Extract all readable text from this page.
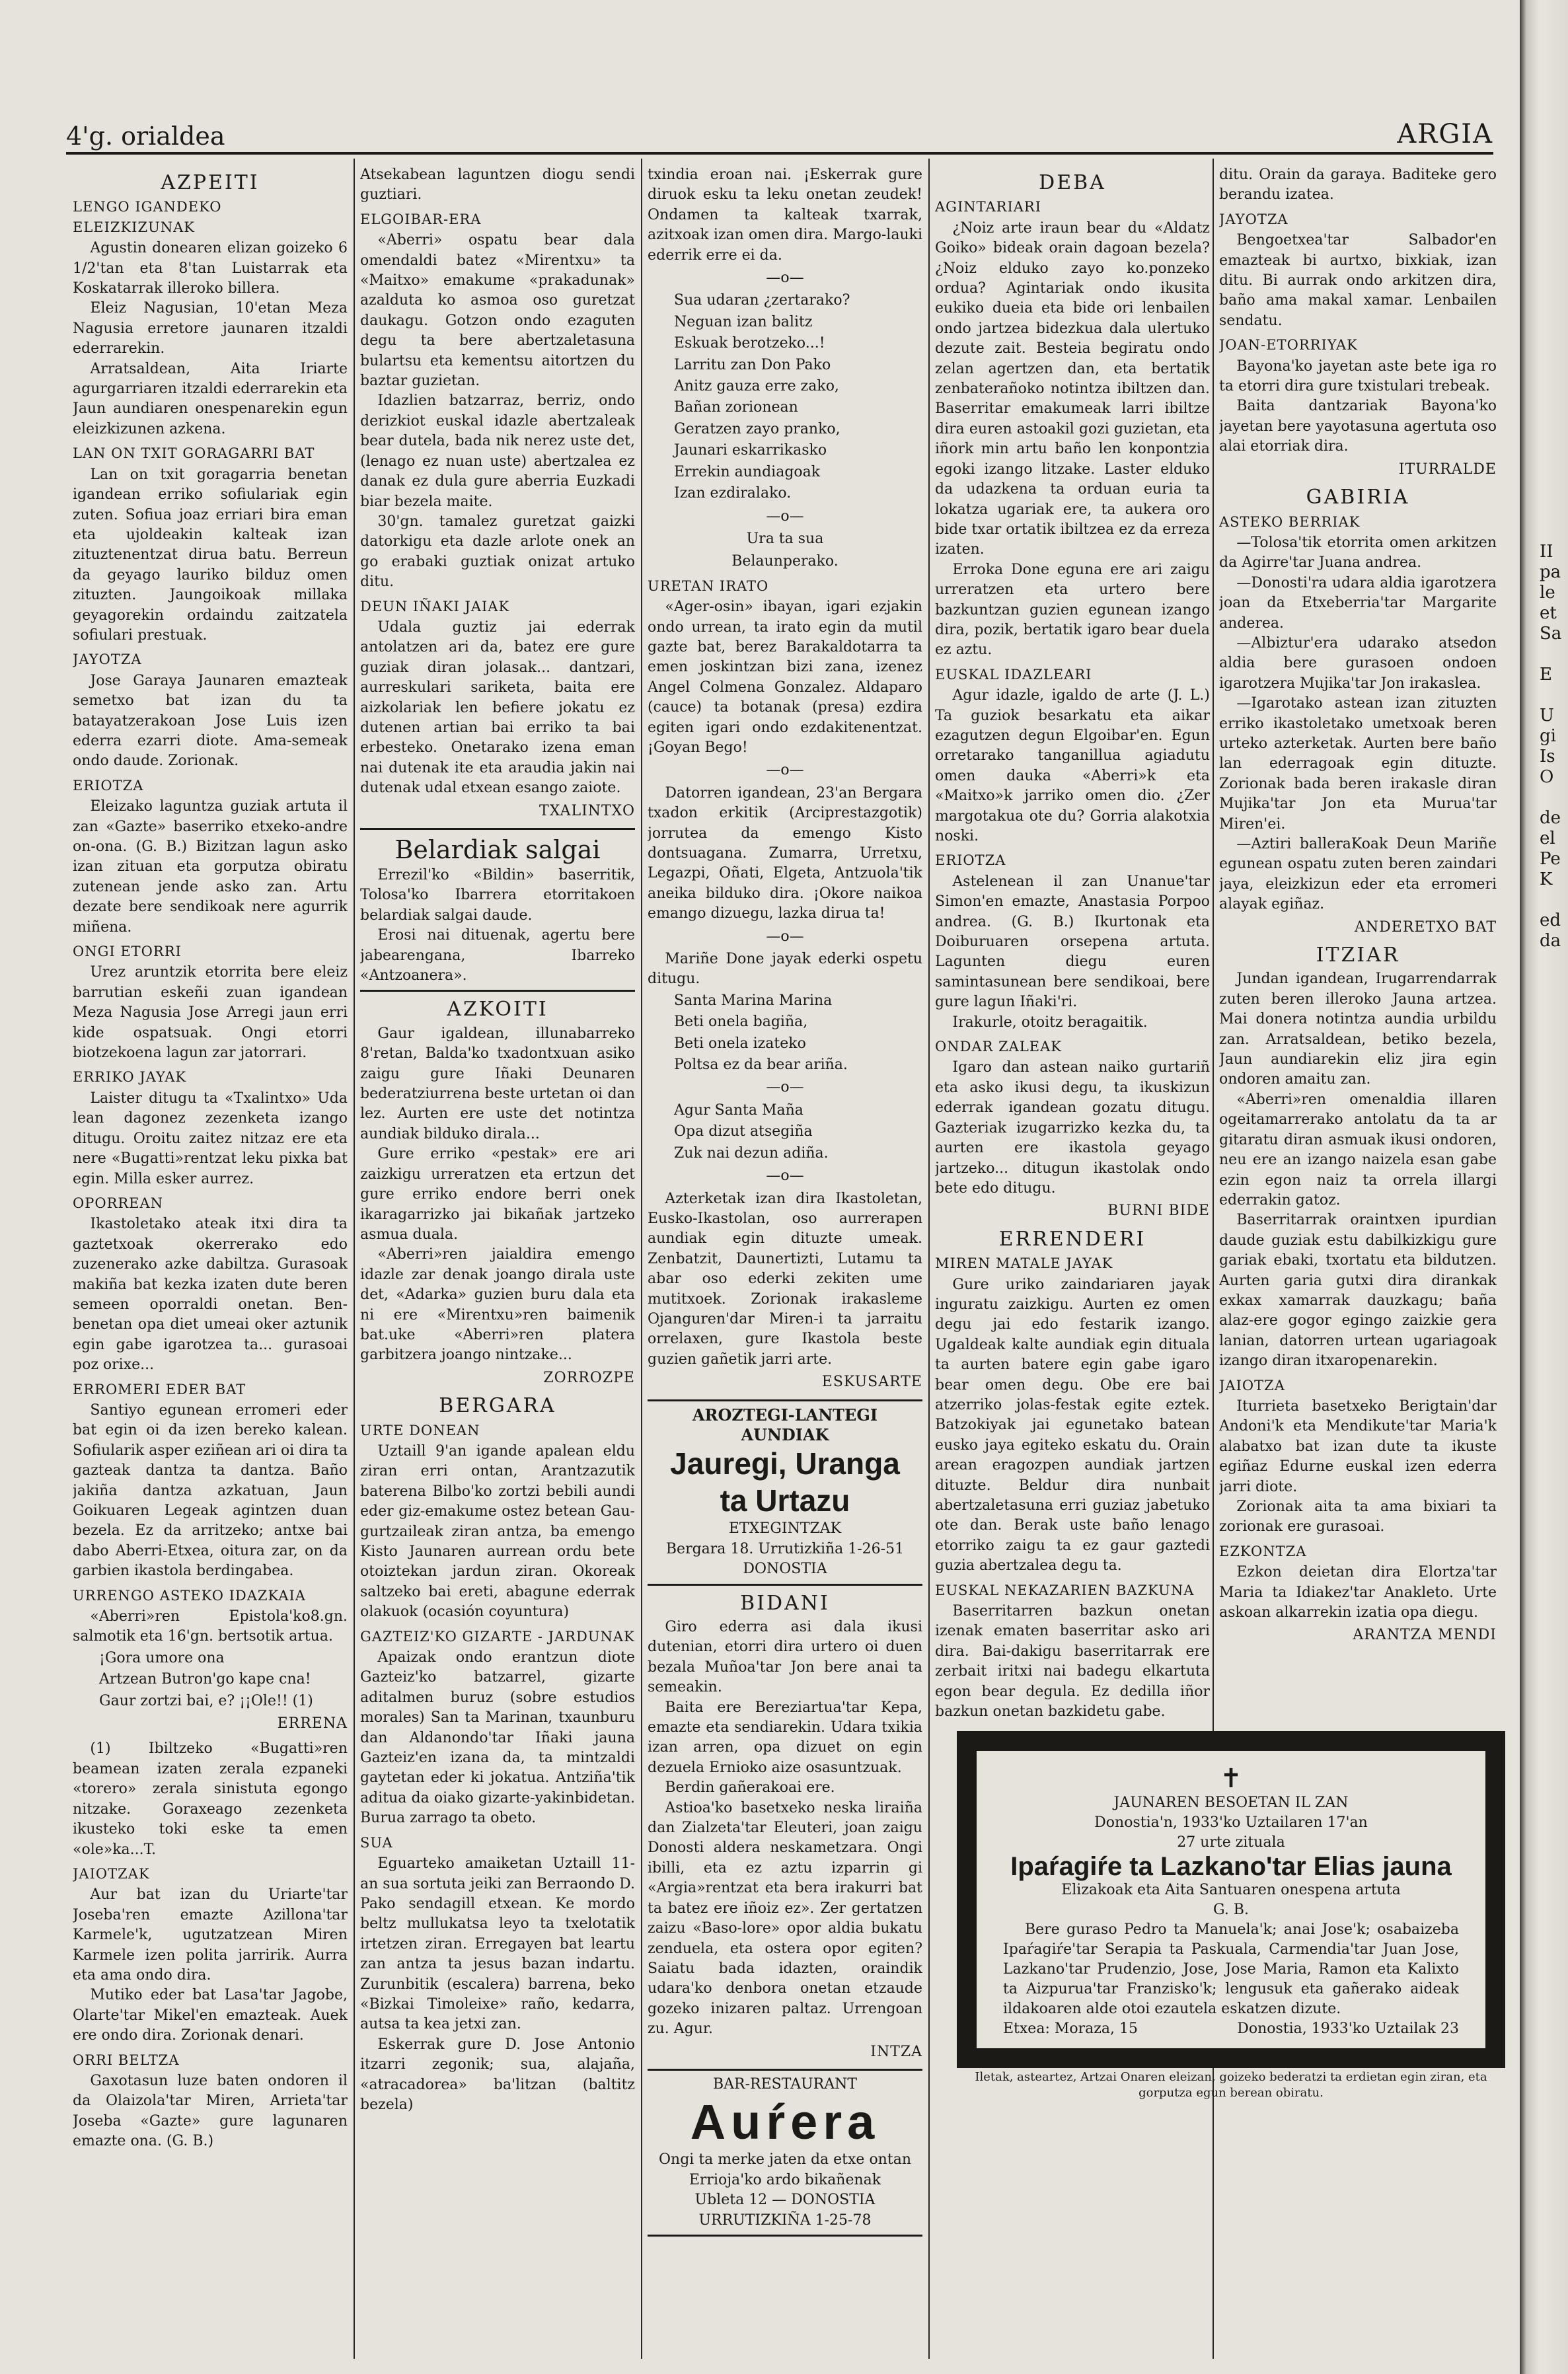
4'g. orialdea	ARGIA
AZPEITI
LENGO IGANDEKO ELEIZKIZUNAK

Agustin donearen elizan goizeko 6 1/2'tan eta 8'tan Luistarrak eta Koskatarrak illeroko billera.

Eleiz Nagusian, 10'etan Meza Nagusia erretore jaunaren itzaldi ederrarekin.

Arratsaldean, Aita Iriarte agurgarriaren itzaldi ederrarekin eta Jaun aundiaren onespenarekin egun eleizkizunen azkena.

LAN ON TXIT GORAGARRI BAT

Lan on txit goragarria benetan igandean erriko sofiulariak egin zuten. Sofiua joaz erriari bira eman eta ujoldeakin kalteak izan zituztenentzat dirua batu. Berreun da geyago lauriko bilduz omen zituzten. Jaungoikoak millaka geyagorekin ordaindu zaitzatela sofiulari prestuak.

JAYOTZA

Jose Garaya Jaunaren emazteak semetxo bat izan du ta batayatzerakoan Jose Luis izen ederra ezarri diote. Ama-semeak ondo daude. Zorionak.

ERIOTZA

Eleizako laguntza guziak artuta il zan «Gazte» baserriko etxeko-andre on-ona. (G. B.) Bizitzan lagun asko izan zituan eta gorputza obiratu zutenean jende asko zan. Artu dezate bere sendikoak nere agurrik miñena.

ONGI ETORRI

Urez aruntzik etorrita bere eleiz barrutian eskeñi zuan igandean Meza Nagusia Jose Arregi jaun erri kide ospatsuak. Ongi etorri biotzekoena lagun zar jatorrari.

ERRIKO JAYAK

Laister ditugu ta «Txalintxo» Uda lean dagonez zezenketa izango ditugu. Oroitu zaitez nitzaz ere eta nere «Bugatti»rentzat leku pixka bat egin. Milla esker aurrez.

OPORREAN

Ikastoletako ateak itxi dira ta gaztetxoak okerrerako edo zuzenerako azke dabiltza. Gurasoak makiña bat kezka izaten dute beren semeen oporraldi onetan. Ben-benetan opa diet umeai oker aztunik egin gabe igarotzea ta... gurasoai poz orixe...

ERROMERI EDER BAT

Santiyo egunean erromeri eder bat egin oi da izen bereko kalean. Sofiularik asper eziñean ari oi dira ta gazteak dantza ta dantza. Baño jakiña dantza azkatuan, Jaun Goikuaren Legeak agintzen duan bezela. Ez da arritzeko; antxe bai dabo Aberri-Etxea, oitura zar, on da garbien ikastola berdingabea.

URRENGO ASTEKO IDAZKAIA

«Aberri»ren Epistola'ko8.gn. salmotik eta 16'gn. bertsotik artua.

¡Gora umore ona
Artzean Butron'go kape cna!
Gaur zortzi bai, e? ¡¡Ole!! (1)
ERRENA

(1) Ibiltzeko «Bugatti»ren beamean izaten zerala ezpaneki «torero» zerala sinistuta egongo nitzake. Goraxeago zezenketa ikusteko toki eske ta emen «ole»ka...T.

JAIOTZAK

Aur bat izan du Uriarte'tar Joseba'ren emazte Azillona'tar Karmele'k, ugutzatzean Miren Karmele izen polita jarririk. Aurra eta ama ondo dira.

Mutiko eder bat Lasa'tar Jagobe, Olarte'tar Mikel'en emazteak. Auek ere ondo dira. Zorionak denari.

ORRI BELTZA

Gaxotasun luze baten ondoren il da Olaizola'tar Miren, Arrieta'tar Joseba «Gazte» gure lagunaren emazte ona. (G. B.)

Atsekabean laguntzen diogu sendi guztiari.

ELGOIBAR-ERA

«Aberri» ospatu bear dala omendaldi batez «Mirentxu» ta «Maitxo» emakume «prakadunak» azalduta ko asmoa oso guretzat daukagu. Gotzon ondo ezaguten degu ta bere abertzaletasuna bulartsu eta kementsu aitortzen du baztar guzietan.

Idazlien batzarraz, berriz, ondo derizkiot euskal idazle abertzaleak bear dutela, bada nik nerez uste det, (lenago ez nuan uste) abertzalea ez danak ez dula gure aberria Euzkadi biar bezela maite.

30'gn. tamalez guretzat gaizki datorkigu eta dazle arlote onek an go erabaki guztiak onizat artuko ditu.

DEUN IÑAKI JAIAK

Udala guztiz jai ederrak antolatzen ari da, batez ere gure guziak diran jolasak... dantzari, aurreskulari sariketa, baita ere aizkolariak len befiere jokatu ez dutenen artian bai erriko ta bai erbesteko. Onetarako izena eman nai dutenak ite eta araudia jakin nai dutenak udal etxean esango zaiote.

TXALINTXO
Belardiak salgai

Errezil'ko «Bildin» baserritik, Tolosa'ko Ibarrera etorritakoen belardiak salgai daude.

Erosi nai dituenak, agertu bere jabearengana, Ibarreko «Antzoanera».

AZKOITI

Gaur igaldean, illunabarreko 8'retan, Balda'ko txadontxuan asiko zaigu gure Iñaki Deunaren bederatziurrena beste urtetan oi dan lez. Aurten ere uste det notintza aundiak bilduko dirala...

Gure erriko «pestak» ere ari zaizkigu urreratzen eta ertzun det gure erriko endore berri onek ikaragarrizko jai bikañak jartzeko asmua duala.

«Aberri»ren jaialdira emengo idazle zar denak joango dirala uste det, «Adarka» guzien buru dala eta ni ere «Mirentxu»ren baimenik bat.uke «Aberri»ren platera garbitzera joango nintzake...

ZORROZPE
BERGARA
URTE DONEAN

Uztaill 9'an igande apalean eldu ziran erri ontan, Arantzazutik baterena Bilbo'ko zortzi bebili aundi eder giz-emakume ostez betean Gau-gurtzaileak ziran antza, ba emengo Kisto Jaunaren aurrean ordu bete otoiztekan jardun ziran. Okoreak saltzeko bai ereti, abagune ederrak olakuok (ocasión coyuntura)

GAZTEIZ'KO GIZARTE - JARDUNAK

Apaizak ondo erantzun diote Gazteiz'ko batzarrel, gizarte aditalmen buruz (sobre estudios morales) San ta Marinan, txaunburu dan Aldanondo'tar Iñaki jauna Gazteiz'en izana da, ta mintzaldi gaytetan eder ki jokatua. Antziña'tik aditua da oiako gizarte-yakinbidetan. Burua zarrago ta obeto.

SUA

Eguarteko amaiketan Uztaill 11-an sua sortuta jeiki zan Berraondo D. Pako sendagill etxean. Ke mordo beltz mullukatsa leyo ta txelotatik irtetzen ziran. Erregayen bat leartu zan antza ta jesus bazan indartu. Zurunbitik (escalera) barrena, beko «Bizkai Timoleixe» raño, kedarra, autsa ta kea jetxi zan.

Eskerrak gure D. Jose Antonio itzarri zegonik; sua, alajaña, «atracadorea» ba'litzan (baltitz bezela)

txindia eroan nai. ¡Eskerrak gure diruok esku ta leku onetan zeudek! Ondamen ta kalteak txarrak, azitxoak izan omen dira. Margo-lauki ederrik erre ei da.

—o—
Sua udaran ¿zertarako?
Neguan izan balitz
Eskuak berotzeko...!
Larritu zan Don Pako
Anitz gauza erre zako,
Bañan zorionean
Geratzen zayo pranko,
Jaunari eskarrikasko
Errekin aundiagoak
Izan ezdiralako.
—o—
Ura ta sua
Belaunperako.
URETAN IRATO

«Ager-osin» ibayan, igari ezjakin ondo urrean, ta irato egin da mutil gazte bat, berez Barakaldotarra ta emen joskintzan bizi zana, izenez Angel Colmena Gonzalez. Aldaparo (cauce) ta botanak (presa) ezdira egiten igari ondo ezdakitenentzat. ¡Goyan Bego!

—o—

Datorren igandean, 23'an Bergara txadon erkitik (Arciprestazgotik) jorrutea da emengo Kisto dontsuagana. Zumarra, Urretxu, Legazpi, Oñati, Elgeta, Antzuola'tik aneika bilduko dira. ¡Okore naikoa emango dizuegu, lazka dirua ta!

—o—

Mariñe Done jayak ederki ospetu ditugu.

Santa Marina Marina
Beti onela bagiña,
Beti onela izateko
Poltsa ez da bear ariña.
—o—
Agur Santa Maña
Opa dizut atsegiña
Zuk nai dezun adiña.
—o—

Azterketak izan dira Ikastoletan, Eusko-Ikastolan, oso aurrerapen aundiak egin dituzte umeak. Zenbatzit, Daunertizti, Lutamu ta abar oso ederki zekiten ume mutitxoek. Zorionak irakasleme Ojanguren'dar Miren-i ta jarraitu orrelaxen, gure Ikastola beste guzien gañetik jarri arte.

ESKUSARTE
AROZTEGI-LANTEGI AUNDIAK
Jauregi, Uranga
ta Urtazu
ETXEGINTZAK
Bergara 18. Urrutizkiña 1-26-51
DONOSTIA
BIDANI

Giro ederra asi dala ikusi dutenian, etorri dira urtero oi duen bezala Muñoa'tar Jon bere anai ta semeakin.

Baita ere Bereziartua'tar Kepa, emazte eta sendiarekin. Udara txikia izan arren, opa dizuet on egin dezuela Ernioko aize osasuntzuak.

Berdin gañerakoai ere.

Astioa'ko basetxeko neska liraiña dan Zialzeta'tar Eleuteri, joan zaigu Donosti aldera neskametzara. Ongi ibilli, eta ez aztu izparrin gi «Argia»rentzat eta bera irakurri bat ta batez ere iñoiz ez». Zer gertatzen zaizu «Baso-lore» opor aldia bukatu zenduela, eta ostera opor egiten? Saiatu bada idazten, oraindik udara'ko denbora onetan etzaude gozeko inizaren paltaz. Urrengoan zu. Agur.

INTZA
BAR-RESTAURANT
Auŕera
Ongi ta merke jaten da etxe ontan
Errioja'ko ardo bikañenak
Ubleta 12 — DONOSTIA
URRUTIZKIÑA 1-25-78
DEBA
AGINTARIARI

¿Noiz arte iraun bear du «Aldatz Goiko» bideak orain dagoan bezela? ¿Noiz elduko zayo ko.ponzeko ordua? Agintariak ondo ikusita eukiko dueia eta bide ori lenbailen ondo jartzea bidezkua dala ulertuko dezute zait. Besteia begiratu ondo zelan agertzen dan, eta bertatik zenbaterañoko notintza ibiltzen dan. Baserritar emakumeak larri ibiltze dira euren astoakil gozi guzietan, eta iñork min artu baño len konpontzia egoki izango litzake. Laster elduko da udazkena ta orduan euria ta lokatza ugariak ere, ta aukera oro bide txar ortatik ibiltzea ez da erreza izaten.

Erroka Done eguna ere ari zaigu urreratzen eta urtero bere bazkuntzan guzien egunean izango dira, pozik, bertatik igaro bear duela ez aztu.

EUSKAL IDAZLEARI

Agur idazle, igaldo de arte (J. L.) Ta guziok besarkatu eta aikar ezagutzen degun Elgoibar'en. Egun orretarako tanganillua agiadutu omen dauka «Aberri»k eta «Maitxo»k jarriko omen dio. ¿Zer margotakua ote du? Gorria alakotxia noski.

ERIOTZA

Astelenean il zan Unanue'tar Simon'en emazte, Anastasia Porpoo andrea. (G. B.) Ikurtonak eta Doiburuaren orsepena artuta. Lagunten diegu euren samintasunean bere sendikoai, bere gure lagun Iñaki'ri.

Irakurle, otoitz beragaitik.

ONDAR ZALEAK

Igaro dan astean naiko gurtariñ eta asko ikusi degu, ta ikuskizun ederrak igandean gozatu ditugu. Gazteriak izugarrizko kezka du, ta aurten ere ikastola geyago jartzeko... ditugun ikastolak ondo bete edo ditugu.

BURNI BIDE
ERRENDERI
MIREN MATALE JAYAK

Gure uriko zaindariaren jayak inguratu zaizkigu. Aurten ez omen degu jai edo festarik izango. Ugaldeak kalte aundiak egin dituala ta aurten batere egin gabe igaro bear omen degu. Obe ere bai atzerriko jolas-festak egite eztek. Batzokiyak jai egunetako batean eusko jaya egiteko eskatu du. Orain arean eragozpen aundiak jartzen dituzte. Beldur dira nunbait abertzaletasuna erri guziaz jabetuko ote dan. Berak uste baño lenago etorriko zaigu ta ez gaur gaztedi guzia abertzalea degu ta.

EUSKAL NEKAZARIEN BAZKUNA

Baserritarren bazkun onetan izenak ematen baserritar asko ari dira. Bai-dakigu baserritarrak ere zerbait iritxi nai badegu elkartuta egon bear degula. Ez dedilla iñor bazkun onetan bazkidetu gabe.

ditu. Orain da garaya. Baditeke gero berandu izatea.

JAYOTZA

Bengoetxea'tar Salbador'en emazteak bi aurtxo, bixkiak, izan ditu. Bi aurrak ondo arkitzen dira, baño ama makal xamar. Lenbailen sendatu.

JOAN-ETORRIYAK

Bayona'ko jayetan aste bete iga ro ta etorri dira gure txistulari trebeak.

Baita dantzariak Bayona'ko jayetan bere yayotasuna agertuta oso alai etorriak dira.

ITURRALDE
GABIRIA
ASTEKO BERRIAK

—Tolosa'tik etorrita omen arkitzen da Agirre'tar Juana andrea.

—Donosti'ra udara aldia igarotzera joan da Etxeberria'tar Margarite anderea.

—Albiztur'era udarako atsedon aldia bere gurasoen ondoen igarotzera Mujika'tar Jon irakaslea.

—Igarotako astean izan zituzten erriko ikastoletako umetxoak beren urteko azterketak. Aurten bere baño lan ederragoak egin dituzte. Zorionak bada beren irakasle diran Mujika'tar Jon eta Murua'tar Miren'ei.

—Aztiri balleraKoak Deun Mariñe egunean ospatu zuten beren zaindari jaya, eleizkizun eder eta erromeri alayak egiñaz.

ANDERETXO BAT
ITZIAR

Jundan igandean, Irugarrendarrak zuten beren illeroko Jauna artzea. Mai donera notintza aundia urbildu zan. Arratsaldean, betiko bezela, Jaun aundiarekin eliz jira egin ondoren amaitu zan.

«Aberri»ren omenaldia illaren ogeitamarrerako antolatu da ta ar gitaratu diran asmuak ikusi ondoren, neu ere an izango naizela esan gabe ezin egon naiz ta orrela illargi ederrakin gatoz.

Baserritarrak oraintxen ipurdian daude guziak estu dabilkizkigu gure gariak ebaki, txortatu eta bildutzen. Aurten garia gutxi dira dirankak exkax xamarrak dauzkagu; baña alaz-ere gogor egingo zaizkie gera lanian, datorren urtean ugariagoak izango diran itxaropenarekin.

JAIOTZA

Iturrieta basetxeko Berigtain'dar Andoni'k eta Mendikute'tar Maria'k alabatxo bat izan dute ta ikuste egiñaz Edurne euskal izen ederra jarri diote.

Zorionak aita ta ama bixiari ta zorionak ere gurasoai.

EZKONTZA

Ezkon deietan dira Elortza'tar Maria ta Idiakez'tar Anakleto. Urte askoan alkarrekin izatia opa diegu.

ARANTZA MENDI
✝
JAUNAREN BESOETAN IL ZAN
Donostia'n, 1933'ko Uztailaren 17'an
27 urte zituala
Ipaŕagiŕe ta Lazkano'tar Elias jauna
Elizakoak eta Aita Santuaren onespena artuta
G. B.
Bere guraso Pedro ta Manuela'k; anai Jose'k; osabaizeba Ipaŕagiŕe'tar Serapia ta Paskuala, Carmendia'tar Juan Jose, Lazkano'tar Prudenzio, Jose, Jose Maria, Ramon eta Kalixto ta Aizpurua'tar Franzisko'k; lengusuk eta gañerako aideak ildakoaren alde otoi ezautela eskatzen dizute.
Etxea: Moraza, 15	Donostia, 1933'ko Uztailak 23
Iletak, asteartez, Artzai Onaren eleizan, goizeko bederatzi ta erdietan egin ziran, eta gorputza egun berean obiratu.
II
pa
le
et
Sa
E
U
gi
Is
O
de
el
Pe
K
ed
da
